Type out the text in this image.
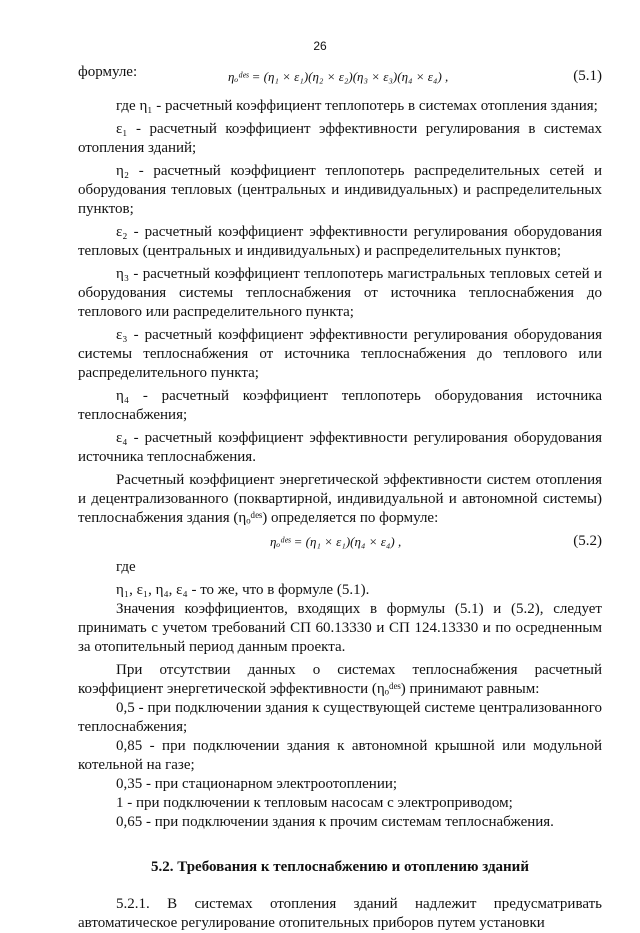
26
формуле:	ηₒᵈᵉˢ = (η₁ × ε₁)(η₂ × ε₂)(η₃ × ε₃)(η₄ × ε₄) ,	(5.1)

где η₁ - расчетный коэффициент теплопотерь в системах отопления здания;

ε₁ - расчетный коэффициент эффективности регулирования в системах отопления зданий;

η₂ - расчетный коэффициент теплопотерь распределительных сетей и оборудования тепловых (центральных и индивидуальных) и распределительных пунктов;

ε₂ - расчетный коэффициент эффективности регулирования оборудования тепловых (центральных и индивидуальных) и распределительных пунктов;

η₃ - расчетный коэффициент теплопотерь магистральных тепловых сетей и оборудования системы теплоснабжения от источника теплоснабжения до теплового или распределительного пункта;

ε₃ - расчетный коэффициент эффективности регулирования оборудования системы теплоснабжения от источника теплоснабжения до теплового или распределительного пункта;

η₄ - расчетный коэффициент теплопотерь оборудования источника теплоснабжения;

ε₄ - расчетный коэффициент эффективности регулирования оборудования источника теплоснабжения.

Расчетный коэффициент энергетической эффективности систем отопления и децентрализованного (поквартирной, индивидуальной и автономной системы) теплоснабжения здания (ηₒᵈᵉˢ) определяется по формуле:

ηₒᵈᵉˢ = (η₁ × ε₁)(η₄ × ε₄) ,	(5.2)

где

η₁, ε₁, η₄, ε₄ - то же, что в формуле (5.1).

Значения коэффициентов, входящих в формулы (5.1) и (5.2), следует принимать с учетом требований СП 60.13330 и СП 124.13330 и по осредненным за отопительный период данным проекта.

При отсутствии данных о системах теплоснабжения расчетный коэффициент энергетической эффективности (ηₒᵈᵉˢ) принимают равным:

0,5 - при подключении здания к существующей системе централизованного теплоснабжения;

0,85 - при подключении здания к автономной крышной или модульной котельной на газе;

0,35 - при стационарном электроотоплении;

1 - при подключении к тепловым насосам с электроприводом;

0,65 - при подключении здания к прочим системам теплоснабжения.

5.2. Требования к теплоснабжению и отоплению зданий

5.2.1. В системах отопления зданий надлежит предусматривать автоматическое регулирование отопительных приборов путем установки
